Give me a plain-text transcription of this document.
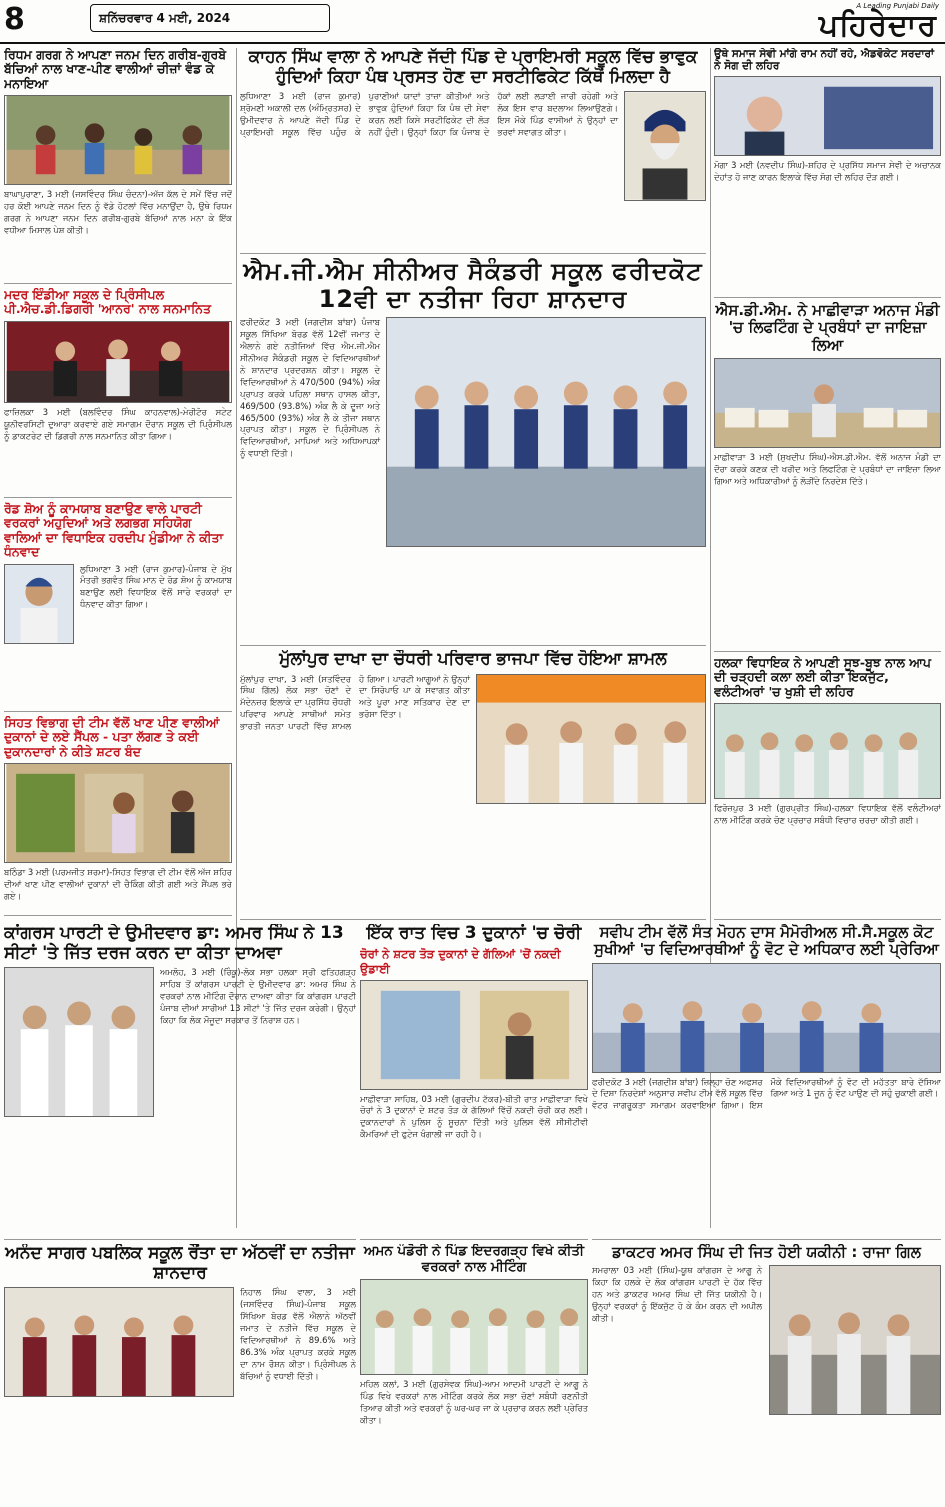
8	ਸ਼ਨਿੱਚਰਵਾਰ 4 ਮਈ, 2024
A Leading Punjabi Daily
ਪਹਿਰੇਦਾਰ
ਰਿਧਮ ਗਰਗ ਨੇ ਆਪਣਾ ਜਨਮ ਦਿਨ ਗਰੀਬ-ਗੁਰਬੇ ਬੱਚਿਆਂ ਨਾਲ ਖਾਣ-ਪੀਣ ਵਾਲੀਆਂ ਚੀਜ਼ਾਂ ਵੰਡ ਕੇ ਮਨਾਇਆ
ਬਾਘਾਪੁਰਾਣਾ, 3 ਮਈ (ਜਸਵਿੰਦਰ ਸਿੰਘ ਚੰਦਨਾ)-ਅੱਜ ਕੱਲ ਦੇ ਸਮੇਂ ਵਿੱਚ ਜਦੋਂ ਹਰ ਕੋਈ ਆਪਣੇ ਜਨਮ ਦਿਨ ਨੂੰ ਵੱਡੇ ਹੋਟਲਾਂ ਵਿੱਚ ਮਨਾਉਂਦਾ ਹੈ, ਉਥੇ ਰਿਧਮ ਗਰਗ ਨੇ ਆਪਣਾ ਜਨਮ ਦਿਨ ਗਰੀਬ-ਗੁਰਬੇ ਬੱਚਿਆਂ ਨਾਲ ਮਨਾ ਕੇ ਇੱਕ ਵਧੀਆ ਮਿਸਾਲ ਪੇਸ਼ ਕੀਤੀ।
ਮਦਰ ਇੰਡੀਆ ਸਕੂਲ ਦੇ ਪ੍ਰਿੰਸੀਪਲ ਪੀ.ਐਚ.ਡੀ.ਡਿਗਰੀ 'ਆਨਰ' ਨਾਲ ਸਨਮਾਨਿਤ
ਫਾਜ਼ਿਲਕਾ 3 ਮਈ (ਬਲਵਿੰਦਰ ਸਿੰਘ ਕਾਹਨਵਾਲ)-ਮੇਰੀਟੋਰ ਸਟੇਟ ਯੂਨੀਵਰਸਿਟੀ ਦੁਆਰਾ ਕਰਵਾਏ ਗਏ ਸਮਾਗਮ ਦੌਰਾਨ ਸਕੂਲ ਦੀ ਪ੍ਰਿੰਸੀਪਲ ਨੂੰ ਡਾਕਟਰੇਟ ਦੀ ਡਿਗਰੀ ਨਾਲ ਸਨਮਾਨਿਤ ਕੀਤਾ ਗਿਆ।
ਰੋਡ ਸ਼ੋਅ ਨੂੰ ਕਾਮਯਾਬ ਬਣਾਉਣ ਵਾਲੇ ਪਾਰਟੀ ਵਰਕਰਾਂ ਅਹੁਦਿਆਂ ਅਤੇ ਲਗਭਗ ਸਹਿਯੋਗ ਵਾਲਿਆਂ ਦਾ ਵਿਧਾਇਕ ਹਰਦੀਪ ਮੁੰਡੀਆ ਨੇ ਕੀਤਾ ਧੰਨਵਾਦ
ਲੁਧਿਆਣਾ 3 ਮਈ (ਰਾਜ ਕੁਮਾਰ)-ਪੰਜਾਬ ਦੇ ਮੁੱਖ ਮੰਤਰੀ ਭਗਵੰਤ ਸਿੰਘ ਮਾਨ ਦੇ ਰੋਡ ਸ਼ੋਅ ਨੂੰ ਕਾਮਯਾਬ ਬਣਾਉਣ ਲਈ ਵਿਧਾਇਕ ਵੱਲੋਂ ਸਾਰੇ ਵਰਕਰਾਂ ਦਾ ਧੰਨਵਾਦ ਕੀਤਾ ਗਿਆ।
ਸਿਹਤ ਵਿਭਾਗ ਦੀ ਟੀਮ ਵੱਲੋਂ ਖਾਣ ਪੀਣ ਵਾਲੀਆਂ ਦੁਕਾਨਾਂ ਦੇ ਲਏ ਸੈਂਪਲ - ਪਤਾ ਲੱਗਣ ਤੇ ਕਈ ਦੁਕਾਨਦਾਰਾਂ ਨੇ ਕੀਤੇ ਸ਼ਟਰ ਬੰਦ
ਬਠਿੰਡਾ 3 ਮਈ (ਪਰਮਜੀਤ ਸ਼ਰਮਾ)-ਸਿਹਤ ਵਿਭਾਗ ਦੀ ਟੀਮ ਵੱਲੋਂ ਅੱਜ ਸ਼ਹਿਰ ਦੀਆਂ ਖਾਣ ਪੀਣ ਵਾਲੀਆਂ ਦੁਕਾਨਾਂ ਦੀ ਚੈਕਿੰਗ ਕੀਤੀ ਗਈ ਅਤੇ ਸੈਂਪਲ ਭਰੇ ਗਏ।
ਕਾਹਨ ਸਿੰਘ ਵਾਲਾ ਨੇ ਆਪਣੇ ਜੱਦੀ ਪਿੰਡ ਦੇ ਪ੍ਰਾਇਮਰੀ ਸਕੂਲ ਵਿੱਚ ਭਾਵੁਕ ਹੁੰਦਿਆਂ ਕਿਹਾ ਪੰਥ ਪ੍ਰਸਤ ਹੋਣ ਦਾ ਸਰਟੀਫਿਕੇਟ ਕਿੱਥੋਂ ਮਿਲਦਾ ਹੈ
ਲੁਧਿਆਣਾ 3 ਮਈ (ਰਾਜ ਕੁਮਾਰ) ਸ਼੍ਰੋਮਣੀ ਅਕਾਲੀ ਦਲ (ਅੰਮ੍ਰਿਤਸਰ) ਦੇ ਉਮੀਦਵਾਰ ਨੇ ਆਪਣੇ ਜੱਦੀ ਪਿੰਡ ਦੇ ਪ੍ਰਾਇਮਰੀ ਸਕੂਲ ਵਿੱਚ ਪਹੁੰਚ ਕੇ ਪੁਰਾਣੀਆਂ ਯਾਦਾਂ ਤਾਜ਼ਾ ਕੀਤੀਆਂ ਅਤੇ ਭਾਵੁਕ ਹੁੰਦਿਆਂ ਕਿਹਾ ਕਿ ਪੰਥ ਦੀ ਸੇਵਾ ਕਰਨ ਲਈ ਕਿਸੇ ਸਰਟੀਫਿਕੇਟ ਦੀ ਲੋੜ ਨਹੀਂ ਹੁੰਦੀ। ਉਨ੍ਹਾਂ ਕਿਹਾ ਕਿ ਪੰਜਾਬ ਦੇ ਹੱਕਾਂ ਲਈ ਲੜਾਈ ਜਾਰੀ ਰਹੇਗੀ ਅਤੇ ਲੋਕ ਇਸ ਵਾਰ ਬਦਲਾਅ ਲਿਆਉਣਗੇ। ਇਸ ਮੌਕੇ ਪਿੰਡ ਵਾਸੀਆਂ ਨੇ ਉਨ੍ਹਾਂ ਦਾ ਭਰਵਾਂ ਸਵਾਗਤ ਕੀਤਾ।
ਐਮ.ਜੀ.ਐਮ ਸੀਨੀਅਰ ਸੈਕੰਡਰੀ ਸਕੂਲ ਫਰੀਦਕੋਟ 12ਵੀ ਦਾ ਨਤੀਜਾ ਰਿਹਾ ਸ਼ਾਨਦਾਰ
ਫਰੀਦਕੋਟ 3 ਮਈ (ਜਗਦੀਸ਼ ਬਾਂਬਾ) ਪੰਜਾਬ ਸਕੂਲ ਸਿੱਖਿਆ ਬੋਰਡ ਵੱਲੋਂ 12ਵੀਂ ਜਮਾਤ ਦੇ ਐਲਾਨੇ ਗਏ ਨਤੀਜਿਆਂ ਵਿੱਚ ਐਮ.ਜੀ.ਐਮ ਸੀਨੀਅਰ ਸੈਕੰਡਰੀ ਸਕੂਲ ਦੇ ਵਿਦਿਆਰਥੀਆਂ ਨੇ ਸ਼ਾਨਦਾਰ ਪ੍ਰਦਰਸ਼ਨ ਕੀਤਾ। ਸਕੂਲ ਦੇ ਵਿਦਿਆਰਥੀਆਂ ਨੇ 470/500 (94%) ਅੰਕ ਪ੍ਰਾਪਤ ਕਰਕੇ ਪਹਿਲਾ ਸਥਾਨ ਹਾਸਲ ਕੀਤਾ, 469/500 (93.8%) ਅੰਕ ਲੈ ਕੇ ਦੂਜਾ ਅਤੇ 465/500 (93%) ਅੰਕ ਲੈ ਕੇ ਤੀਜਾ ਸਥਾਨ ਪ੍ਰਾਪਤ ਕੀਤਾ। ਸਕੂਲ ਦੇ ਪ੍ਰਿੰਸੀਪਲ ਨੇ ਵਿਦਿਆਰਥੀਆਂ, ਮਾਪਿਆਂ ਅਤੇ ਅਧਿਆਪਕਾਂ ਨੂੰ ਵਧਾਈ ਦਿੱਤੀ।
ਮੁੱਲਾਂਪੁਰ ਦਾਖਾ ਦਾ ਚੌਧਰੀ ਪਰਿਵਾਰ ਭਾਜਪਾ ਵਿੱਚ ਹੋਇਆ ਸ਼ਾਮਲ
ਮੁੱਲਾਂਪੁਰ ਦਾਖਾ, 3 ਮਈ (ਸਤਵਿੰਦਰ ਸਿੰਘ ਗਿੱਲ) ਲੋਕ ਸਭਾ ਚੋਣਾਂ ਦੇ ਮੱਦੇਨਜ਼ਰ ਇਲਾਕੇ ਦਾ ਪ੍ਰਸਿੱਧ ਚੌਧਰੀ ਪਰਿਵਾਰ ਆਪਣੇ ਸਾਥੀਆਂ ਸਮੇਤ ਭਾਰਤੀ ਜਨਤਾ ਪਾਰਟੀ ਵਿੱਚ ਸ਼ਾਮਲ ਹੋ ਗਿਆ। ਪਾਰਟੀ ਆਗੂਆਂ ਨੇ ਉਨ੍ਹਾਂ ਦਾ ਸਿਰੋਪਾਓ ਪਾ ਕੇ ਸਵਾਗਤ ਕੀਤਾ ਅਤੇ ਪੂਰਾ ਮਾਣ ਸਤਿਕਾਰ ਦੇਣ ਦਾ ਭਰੋਸਾ ਦਿੱਤਾ।
ਉਥੇ ਸਮਾਜ ਸੇਵੀ ਮਾਂਗੇ ਰਾਮ ਨਹੀਂ ਰਹੇ, ਐਡਵੋਕੇਟ ਸਰਦਾਰਾਂ ਨੇ ਸੋਗ ਦੀ ਲਹਿਰ
ਮੋਗਾ 3 ਮਈ (ਨਵਦੀਪ ਸਿੰਘ)-ਸ਼ਹਿਰ ਦੇ ਪ੍ਰਸਿੱਧ ਸਮਾਜ ਸੇਵੀ ਦੇ ਅਚਾਨਕ ਦੇਹਾਂਤ ਹੋ ਜਾਣ ਕਾਰਨ ਇਲਾਕੇ ਵਿੱਚ ਸੋਗ ਦੀ ਲਹਿਰ ਦੌੜ ਗਈ।
ਐਸ.ਡੀ.ਐਮ. ਨੇ ਮਾਛੀਵਾੜਾ ਅਨਾਜ ਮੰਡੀ 'ਚ ਲਿਫਟਿੰਗ ਦੇ ਪ੍ਰਬੰਧਾਂ ਦਾ ਜਾਇਜ਼ਾ ਲਿਆ
ਮਾਛੀਵਾੜਾ 3 ਮਈ (ਸੁਖਦੀਪ ਸਿੰਘ)-ਐਸ.ਡੀ.ਐਮ. ਵੱਲੋਂ ਅਨਾਜ ਮੰਡੀ ਦਾ ਦੌਰਾ ਕਰਕੇ ਕਣਕ ਦੀ ਖਰੀਦ ਅਤੇ ਲਿਫਟਿੰਗ ਦੇ ਪ੍ਰਬੰਧਾਂ ਦਾ ਜਾਇਜ਼ਾ ਲਿਆ ਗਿਆ ਅਤੇ ਅਧਿਕਾਰੀਆਂ ਨੂੰ ਲੋੜੀਂਦੇ ਨਿਰਦੇਸ਼ ਦਿੱਤੇ।
ਹਲਕਾ ਵਿਧਾਇਕ ਨੇ ਆਪਣੀ ਸੂਝ-ਬੂਝ ਨਾਲ ਆਪ ਦੀ ਚੜ੍ਹਦੀ ਕਲਾ ਲਈ ਕੀਤਾ ਇਕਜੁੱਟ, ਵਲੰਟੀਅਰਾਂ 'ਚ ਖੁਸ਼ੀ ਦੀ ਲਹਿਰ
ਫਿਰੋਜ਼ਪੁਰ 3 ਮਈ (ਗੁਰਪ੍ਰੀਤ ਸਿੰਘ)-ਹਲਕਾ ਵਿਧਾਇਕ ਵੱਲੋਂ ਵਲੰਟੀਅਰਾਂ ਨਾਲ ਮੀਟਿੰਗ ਕਰਕੇ ਚੋਣ ਪ੍ਰਚਾਰ ਸਬੰਧੀ ਵਿਚਾਰ ਚਰਚਾ ਕੀਤੀ ਗਈ।
ਕਾਂਗਰਸ ਪਾਰਟੀ ਦੇ ਉਮੀਦਵਾਰ ਡਾ: ਅਮਰ ਸਿੰਘ ਨੇ 13 ਸੀਟਾਂ 'ਤੇ ਜਿੱਤ ਦਰਜ ਕਰਨ ਦਾ ਕੀਤਾ ਦਾਅਵਾ
ਅਮਲੋਹ, 3 ਮਈ (ਰਿੰਕੂ)-ਲੋਕ ਸਭਾ ਹਲਕਾ ਸ੍ਰੀ ਫਤਿਹਗੜ੍ਹ ਸਾਹਿਬ ਤੋਂ ਕਾਂਗਰਸ ਪਾਰਟੀ ਦੇ ਉਮੀਦਵਾਰ ਡਾ: ਅਮਰ ਸਿੰਘ ਨੇ ਵਰਕਰਾਂ ਨਾਲ ਮੀਟਿੰਗ ਦੌਰਾਨ ਦਾਅਵਾ ਕੀਤਾ ਕਿ ਕਾਂਗਰਸ ਪਾਰਟੀ ਪੰਜਾਬ ਦੀਆਂ ਸਾਰੀਆਂ 13 ਸੀਟਾਂ 'ਤੇ ਜਿੱਤ ਦਰਜ ਕਰੇਗੀ। ਉਨ੍ਹਾਂ ਕਿਹਾ ਕਿ ਲੋਕ ਮੌਜੂਦਾ ਸਰਕਾਰ ਤੋਂ ਨਿਰਾਸ਼ ਹਨ।
ਇੱਕ ਰਾਤ ਵਿਚ 3 ਦੁਕਾਨਾਂ 'ਚ ਚੋਰੀ
ਚੋਰਾਂ ਨੇ ਸ਼ਟਰ ਤੋੜ ਦੁਕਾਨਾਂ ਦੇ ਗੱਲਿਆਂ 'ਚੋਂ ਨਕਦੀ ਉਡਾਈ
ਮਾਛੀਵਾੜਾ ਸਾਹਿਬ, 03 ਮਈ (ਗੁਰਦੀਪ ਟੱਕਰ)-ਬੀਤੀ ਰਾਤ ਮਾਛੀਵਾੜਾ ਵਿਖੇ ਚੋਰਾਂ ਨੇ 3 ਦੁਕਾਨਾਂ ਦੇ ਸ਼ਟਰ ਤੋੜ ਕੇ ਗੱਲਿਆਂ ਵਿੱਚੋਂ ਨਕਦੀ ਚੋਰੀ ਕਰ ਲਈ। ਦੁਕਾਨਦਾਰਾਂ ਨੇ ਪੁਲਿਸ ਨੂੰ ਸੂਚਨਾ ਦਿੱਤੀ ਅਤੇ ਪੁਲਿਸ ਵੱਲੋਂ ਸੀਸੀਟੀਵੀ ਕੈਮਰਿਆਂ ਦੀ ਫੁਟੇਜ ਖੰਗਾਲੀ ਜਾ ਰਹੀ ਹੈ।
ਸਵੀਪ ਟੀਮ ਵੱਲੋਂ ਸੰਤ ਮੋਹਨ ਦਾਸ ਮੈਮੋਰੀਅਲ ਸੀ.ਸੈ.ਸਕੂਲ ਕੋਟ ਸੁਖੀਆਂ 'ਚ ਵਿਦਿਆਰਥੀਆਂ ਨੂੰ ਵੋਟ ਦੇ ਅਧਿਕਾਰ ਲਈ ਪ੍ਰੇਰਿਆ
ਫਰੀਦਕੋਟ 3 ਮਈ (ਜਗਦੀਸ਼ ਬਾਂਬਾ) ਜ਼ਿਲ੍ਹਾ ਚੋਣ ਅਫਸਰ ਦੇ ਦਿਸ਼ਾ ਨਿਰਦੇਸ਼ਾਂ ਅਨੁਸਾਰ ਸਵੀਪ ਟੀਮ ਵੱਲੋਂ ਸਕੂਲ ਵਿੱਚ ਵੋਟਰ ਜਾਗਰੂਕਤਾ ਸਮਾਗਮ ਕਰਵਾਇਆ ਗਿਆ। ਇਸ ਮੌਕੇ ਵਿਦਿਆਰਥੀਆਂ ਨੂੰ ਵੋਟ ਦੀ ਮਹੱਤਤਾ ਬਾਰੇ ਦੱਸਿਆ ਗਿਆ ਅਤੇ 1 ਜੂਨ ਨੂੰ ਵੋਟ ਪਾਉਣ ਦੀ ਸਹੁੰ ਚੁਕਾਈ ਗਈ।
ਅਨੰਦ ਸਾਗਰ ਪਬਲਿਕ ਸਕੂਲ ਰੌਂਤਾ ਦਾ ਅੱਠਵੀਂ ਦਾ ਨਤੀਜਾ ਸ਼ਾਨਦਾਰ
ਨਿਹਾਲ ਸਿੰਘ ਵਾਲਾ, 3 ਮਈ (ਜਸਵਿੰਦਰ ਸਿੰਘ)-ਪੰਜਾਬ ਸਕੂਲ ਸਿੱਖਿਆ ਬੋਰਡ ਵੱਲੋਂ ਐਲਾਨੇ ਅੱਠਵੀਂ ਜਮਾਤ ਦੇ ਨਤੀਜੇ ਵਿੱਚ ਸਕੂਲ ਦੇ ਵਿਦਿਆਰਥੀਆਂ ਨੇ 89.6% ਅਤੇ 86.3% ਅੰਕ ਪ੍ਰਾਪਤ ਕਰਕੇ ਸਕੂਲ ਦਾ ਨਾਮ ਰੌਸ਼ਨ ਕੀਤਾ। ਪ੍ਰਿੰਸੀਪਲ ਨੇ ਬੱਚਿਆਂ ਨੂੰ ਵਧਾਈ ਦਿੱਤੀ।
ਅਮਨ ਪੰਡੋਰੀ ਨੇ ਪਿੰਡ ਇਦਰਗੜ੍ਹ ਵਿਖੇ ਕੀਤੀ ਵਰਕਰਾਂ ਨਾਲ ਮੀਟਿੰਗ
ਮਹਿਲ ਕਲਾਂ, 3 ਮਈ (ਗੁਰਸੇਵਕ ਸਿੰਘ)-ਆਮ ਆਦਮੀ ਪਾਰਟੀ ਦੇ ਆਗੂ ਨੇ ਪਿੰਡ ਵਿਖੇ ਵਰਕਰਾਂ ਨਾਲ ਮੀਟਿੰਗ ਕਰਕੇ ਲੋਕ ਸਭਾ ਚੋਣਾਂ ਸਬੰਧੀ ਰਣਨੀਤੀ ਤਿਆਰ ਕੀਤੀ ਅਤੇ ਵਰਕਰਾਂ ਨੂੰ ਘਰ-ਘਰ ਜਾ ਕੇ ਪ੍ਰਚਾਰ ਕਰਨ ਲਈ ਪ੍ਰੇਰਿਤ ਕੀਤਾ।
ਡਾਕਟਰ ਅਮਰ ਸਿੰਘ ਦੀ ਜਿਤ ਹੋਈ ਯਕੀਨੀ : ਰਾਜਾ ਗਿਲ
ਸਮਰਾਲਾ 03 ਮਈ (ਸਿੰਘ)-ਯੂਥ ਕਾਂਗਰਸ ਦੇ ਆਗੂ ਨੇ ਕਿਹਾ ਕਿ ਹਲਕੇ ਦੇ ਲੋਕ ਕਾਂਗਰਸ ਪਾਰਟੀ ਦੇ ਹੱਕ ਵਿੱਚ ਹਨ ਅਤੇ ਡਾਕਟਰ ਅਮਰ ਸਿੰਘ ਦੀ ਜਿੱਤ ਯਕੀਨੀ ਹੈ। ਉਨ੍ਹਾਂ ਵਰਕਰਾਂ ਨੂੰ ਇੱਕਜੁੱਟ ਹੋ ਕੇ ਕੰਮ ਕਰਨ ਦੀ ਅਪੀਲ ਕੀਤੀ।
